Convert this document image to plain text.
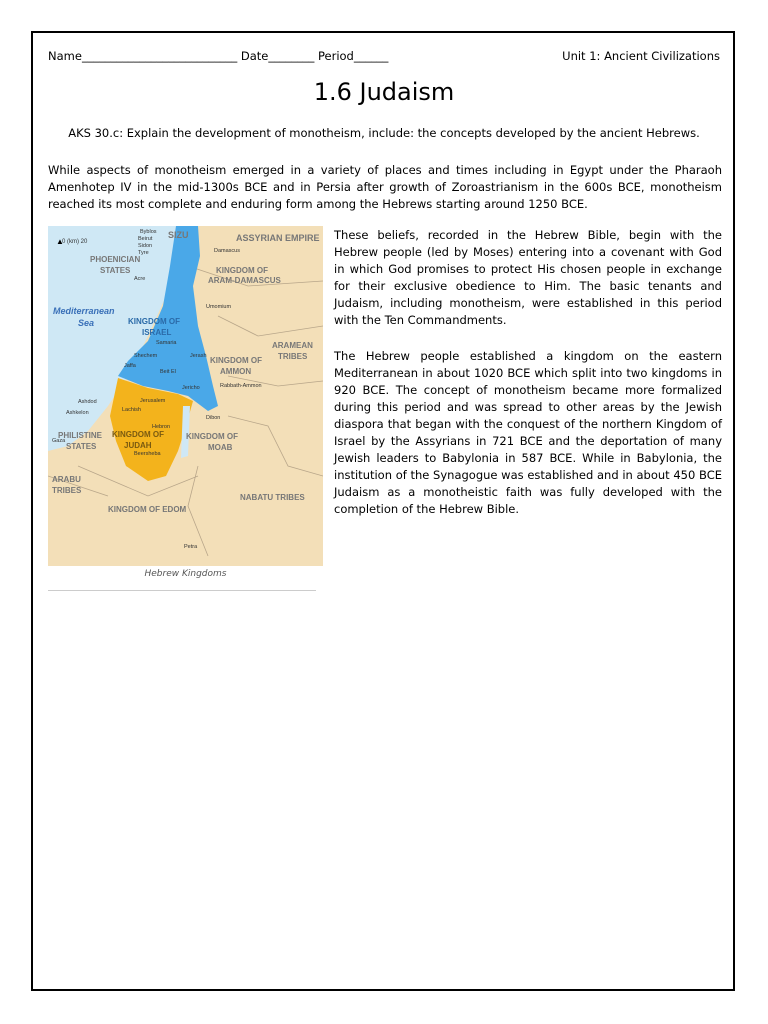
Name___________________________ Date________ Period______	Unit 1: Ancient Civilizations
1.6 Judaism
AKS 30.c: Explain the development of monotheism, include: the concepts developed by the ancient Hebrews.
While aspects of monotheism emerged in a variety of places and times including in Egypt under the Pharaoh Amenhotep IV in the mid-1300s BCE and in Persia after growth of Zoroastrianism in the 600s BCE, monotheism reached its most complete and enduring form among the Hebrews starting around 1250 BCE.
0 (km) 20
SIZU	ASSYRIAN EMPIRE
PHOENICIAN
STATES	KINGDOM OF
ARAM-DAMASCUS
Mediterranean
Sea	KINGDOM OF
ISRAEL
ARAMEAN
TRIBES
KINGDOM OF
AMMON
PHILISTINE
STATES
KINGDOM OF
JUDAH
KINGDOM OF
MOAB
ARABU
TRIBES
NABATU TRIBES
KINGDOM OF EDOM
Byblos
Beirut
Sidon
Tyre
Acre
Damascus
Umomium
Samaria
Shechem
Jaffa
Jerash
Beit El
Jericho	Rabbath-Ammon
Ashdod
Ashkelon
Jerusalem
Lachish
Hebron
Dibon
Gaza
Beersheba
Petra
▲
Hebrew Kingdoms
These beliefs, recorded in the Hebrew Bible, begin with the Hebrew people (led by Moses) entering into a covenant with God in which God promises to protect His chosen people in exchange for their exclusive obedience to Him. The basic tenants and Judaism, including monotheism, were established in this period with the Ten Commandments.
The Hebrew people established a kingdom on the eastern Mediterranean in about 1020 BCE which split into two kingdoms in 920 BCE. The concept of monotheism became more formalized during this period and was spread to other areas by the Jewish diaspora that began with the conquest of the northern Kingdom of Israel by the Assyrians in 721 BCE and the deportation of many Jewish leaders to Babylonia in 587 BCE. While in Babylonia, the institution of the Synagogue was established and in about 450 BCE Judaism as a monotheistic faith was fully developed with the completion of the Hebrew Bible.
